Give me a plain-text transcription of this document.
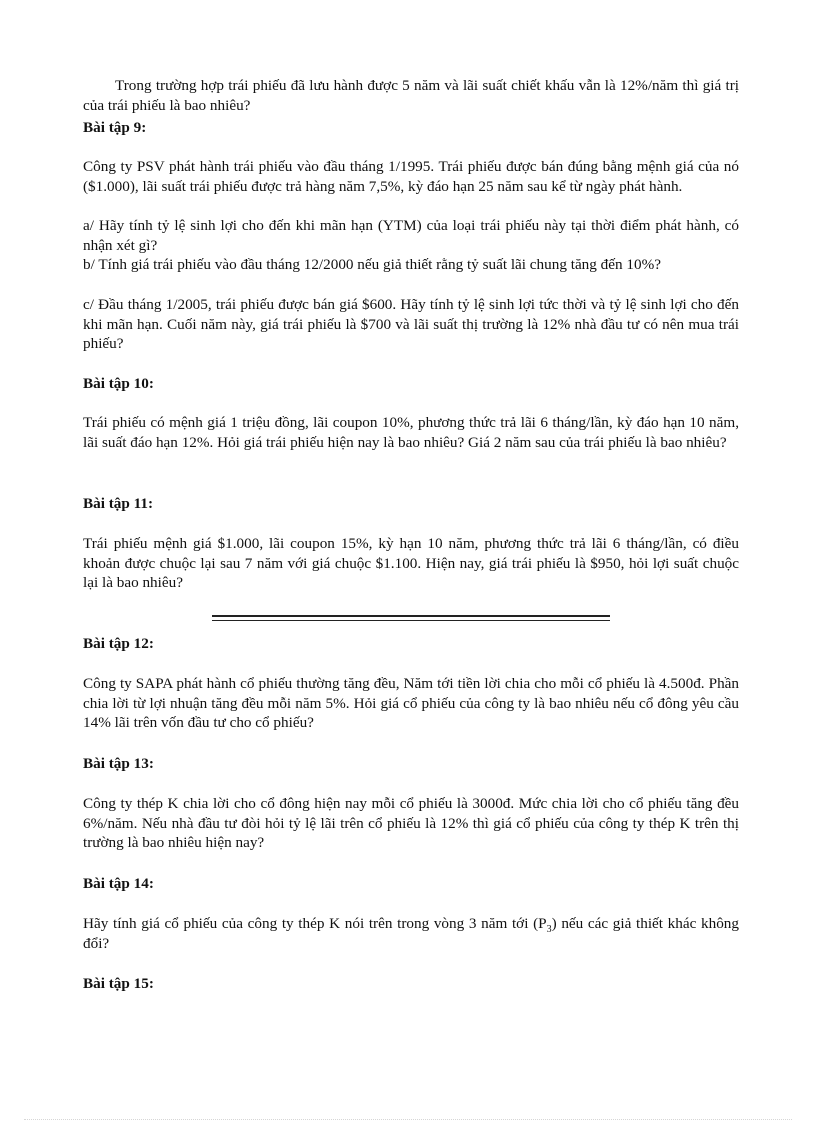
Trong trường hợp trái phiếu đã lưu hành được 5 năm và lãi suất chiết khấu vẫn là 12%/năm thì giá trị của trái phiếu là bao nhiêu?

Bài tập 9:

Công ty PSV phát hành trái phiếu vào đầu tháng 1/1995. Trái phiếu được bán đúng bằng mệnh giá của nó ($1.000), lãi suất trái phiếu được trả hàng năm 7,5%, kỳ đáo hạn 25 năm sau kể từ ngày phát hành.

a/ Hãy tính tỷ lệ sinh lợi cho đến khi mãn hạn (YTM) của loại trái phiếu này tại thời điểm phát hành, có nhận xét gì?

b/ Tính giá trái phiếu vào đầu tháng 12/2000 nếu giả thiết rằng tỷ suất lãi chung tăng đến 10%?

c/ Đầu tháng 1/2005, trái phiếu được bán giá $600. Hãy tính tỷ lệ sinh lợi tức thời và tỷ lệ sinh lợi cho đến khi mãn hạn. Cuối năm này, giá trái phiếu là $700 và lãi suất thị trường là 12% nhà đầu tư có nên mua trái phiếu?

Bài tập 10:

Trái phiếu có mệnh giá 1 triệu đồng, lãi coupon 10%, phương thức trả lãi 6 tháng/lần, kỳ đáo hạn 10 năm, lãi suất đáo hạn 12%. Hỏi giá trái phiếu hiện nay là bao nhiêu? Giá 2 năm sau của trái phiếu là bao nhiêu?

Bài tập 11:

Trái phiếu mệnh giá $1.000, lãi coupon 15%, kỳ hạn 10 năm, phương thức trả lãi 6 tháng/lần, có điều khoản được chuộc lại sau 7 năm với giá chuộc $1.100. Hiện nay, giá trái phiếu là $950, hỏi lợi suất chuộc lại là bao nhiêu?

Bài tập 12:

Công ty SAPA phát hành cổ phiếu thường tăng đều, Năm tới tiền lời chia cho mỗi cổ phiếu là 4.500đ. Phần chia lời từ lợi nhuận tăng đều mỗi năm 5%. Hỏi giá cổ phiếu của công ty là bao nhiêu nếu cổ đông yêu cầu 14% lãi trên vốn đầu tư cho cổ phiếu?

Bài tập 13:

Công ty thép K chia lời cho cổ đông hiện nay mỗi cổ phiếu là 3000đ. Mức chia lời cho cổ phiếu tăng đều 6%/năm. Nếu nhà đầu tư đòi hỏi tỷ lệ lãi trên cổ phiếu là 12% thì giá cổ phiếu của công ty thép K trên thị trường là bao nhiêu hiện nay?

Bài tập 14:

Hãy tính giá cổ phiếu của công ty thép K nói trên trong vòng 3 năm tới $(P_3)$ nếu các giả thiết khác không đổi?

Bài tập 15:
